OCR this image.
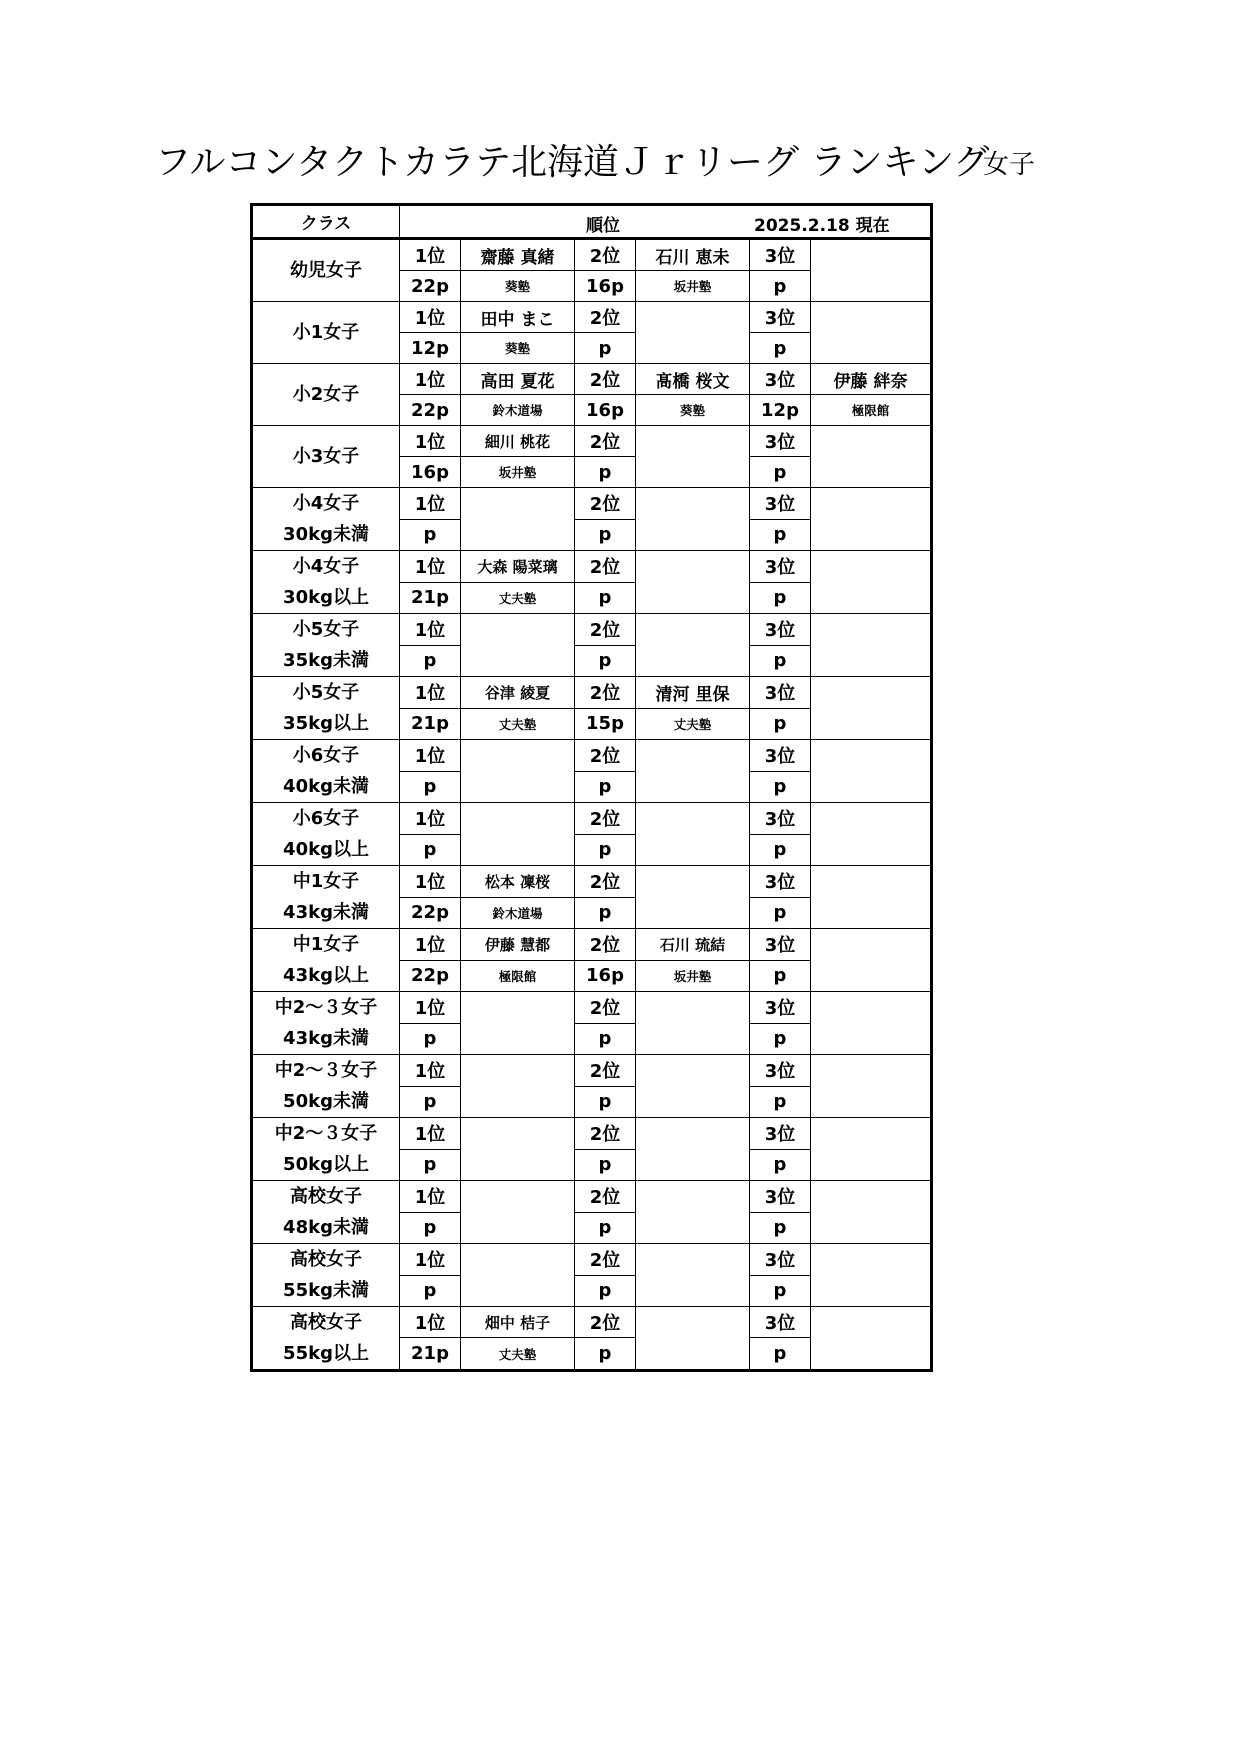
フルコンタクトカラテ北海道Ｊｒリーグ ランキング
女子
クラス	順位 2025.2.18 現在					

幼児女子	1位	齋藤 真緒	2位	石川 恵未	3位	
	22p	葵塾	16p	坂井塾	p	

小1女子	1位	田中 まこ	2位		3位	
	12p	葵塾	p		p	

小2女子	1位	高田 夏花	2位	髙橋 桜文	3位	伊藤 絆奈
	22p	鈴木道場	16p	葵塾	12p	極限館

小3女子	1位	細川 桃花	2位		3位	
	16p	坂井塾	p		p	

小4女子
30kg未満	1位		2位		3位	
	p		p		p	

小4女子
30kg以上	1位	大森 陽菜璃	2位		3位	
	21p	丈夫塾	p		p	

小5女子
35kg未満	1位		2位		3位	
	p		p		p	

小5女子
35kg以上	1位	谷津 綾夏	2位	清河 里保	3位	
	21p	丈夫塾	15p	丈夫塾	p	

小6女子
40kg未満	1位		2位		3位	
	p		p		p	

小6女子
40kg以上	1位		2位		3位	
	p		p		p	

中1女子
43kg未満	1位	松本 凜桜	2位		3位	
	22p	鈴木道場	p		p	

中1女子
43kg以上	1位	伊藤 慧都	2位	石川 琉結	3位	
	22p	極限館	16p	坂井塾	p	

中2～３女子
43kg未満	1位		2位		3位	
	p		p		p	

中2～３女子
50kg未満	1位		2位		3位	
	p		p		p	

中2～３女子
50kg以上	1位		2位		3位	
	p		p		p	

高校女子
48kg未満	1位		2位		3位	
	p		p		p	

高校女子
55kg未満	1位		2位		3位	
	p		p		p	

高校女子
55kg以上	1位	畑中 桔子	2位		3位	
	21p	丈夫塾	p		p	
